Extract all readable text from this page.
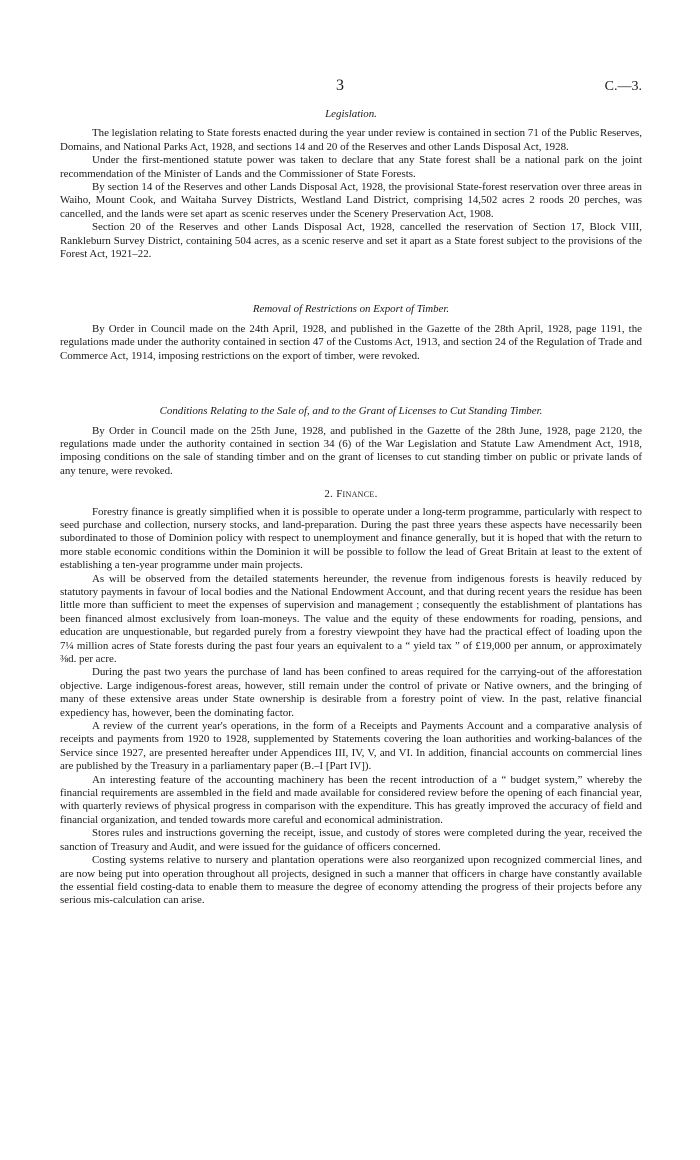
3	C.—3.
Legislation.

The legislation relating to State forests enacted during the year under review is contained in section 71 of the Public Reserves, Domains, and National Parks Act, 1928, and sections 14 and 20 of the Reserves and other Lands Disposal Act, 1928.

Under the first-mentioned statute power was taken to declare that any State forest shall be a national park on the joint recommendation of the Minister of Lands and the Commissioner of State Forests.

By section 14 of the Reserves and other Lands Disposal Act, 1928, the provisional State-forest reservation over three areas in Waiho, Mount Cook, and Waitaha Survey Districts, Westland Land District, comprising 14,502 acres 2 roods 20 perches, was cancelled, and the lands were set apart as scenic reserves under the Scenery Preservation Act, 1908.

Section 20 of the Reserves and other Lands Disposal Act, 1928, cancelled the reservation of Section 17, Block VIII, Rankleburn Survey District, containing 504 acres, as a scenic reserve and set it apart as a State forest subject to the provisions of the Forest Act, 1921–22.

Removal of Restrictions on Export of Timber.

By Order in Council made on the 24th April, 1928, and published in the Gazette of the 28th April, 1928, page 1191, the regulations made under the authority contained in section 47 of the Customs Act, 1913, and section 24 of the Regulation of Trade and Commerce Act, 1914, imposing restrictions on the export of timber, were revoked.

Conditions Relating to the Sale of, and to the Grant of Licenses to Cut Standing Timber.

By Order in Council made on the 25th June, 1928, and published in the Gazette of the 28th June, 1928, page 2120, the regulations made under the authority contained in section 34 (6) of the War Legislation and Statute Law Amendment Act, 1918, imposing conditions on the sale of standing timber and on the grant of licenses to cut standing timber on public or private lands of any tenure, were revoked.

2. Finance.

Forestry finance is greatly simplified when it is possible to operate under a long-term programme, particularly with respect to seed purchase and collection, nursery stocks, and land-preparation. During the past three years these aspects have necessarily been subordinated to those of Dominion policy with respect to unemployment and finance generally, but it is hoped that with the return to more stable economic conditions within the Dominion it will be possible to follow the lead of Great Britain at least to the extent of establishing a ten-year programme under main projects.

As will be observed from the detailed statements hereunder, the revenue from indigenous forests is heavily reduced by statutory payments in favour of local bodies and the National Endowment Account, and that during recent years the residue has been little more than sufficient to meet the expenses of supervision and management ; consequently the establishment of plantations has been financed almost exclusively from loan-moneys. The value and the equity of these endowments for roading, pensions, and education are unquestionable, but regarded purely from a forestry viewpoint they have had the practical effect of loading upon the 7¼ million acres of State forests during the past four years an equivalent to a “ yield tax ” of £19,000 per annum, or approximately ⅜d. per acre.

During the past two years the purchase of land has been confined to areas required for the carrying-out of the afforestation objective. Large indigenous-forest areas, however, still remain under the control of private or Native owners, and the bringing of many of these extensive areas under State ownership is desirable from a forestry point of view. In the past, relative financial expediency has, however, been the dominating factor.

A review of the current year's operations, in the form of a Receipts and Payments Account and a comparative analysis of receipts and payments from 1920 to 1928, supplemented by Statements covering the loan authorities and working-balances of the Service since 1927, are presented hereafter under Appendices III, IV, V, and VI. In addition, financial accounts on commercial lines are published by the Treasury in a parliamentary paper (B.–I [Part IV]).

An interesting feature of the accounting machinery has been the recent introduction of a “ budget system,” whereby the financial requirements are assembled in the field and made available for considered review before the opening of each financial year, with quarterly reviews of physical progress in comparison with the expenditure. This has greatly improved the accuracy of field and financial organization, and tended towards more careful and economical administration.

Stores rules and instructions governing the receipt, issue, and custody of stores were completed during the year, received the sanction of Treasury and Audit, and were issued for the guidance of officers concerned.

Costing systems relative to nursery and plantation operations were also reorganized upon recognized commercial lines, and are now being put into operation throughout all projects, designed in such a manner that officers in charge have constantly available the essential field costing-data to enable them to measure the degree of economy attending the progress of their projects before any serious mis-calculation can arise.
